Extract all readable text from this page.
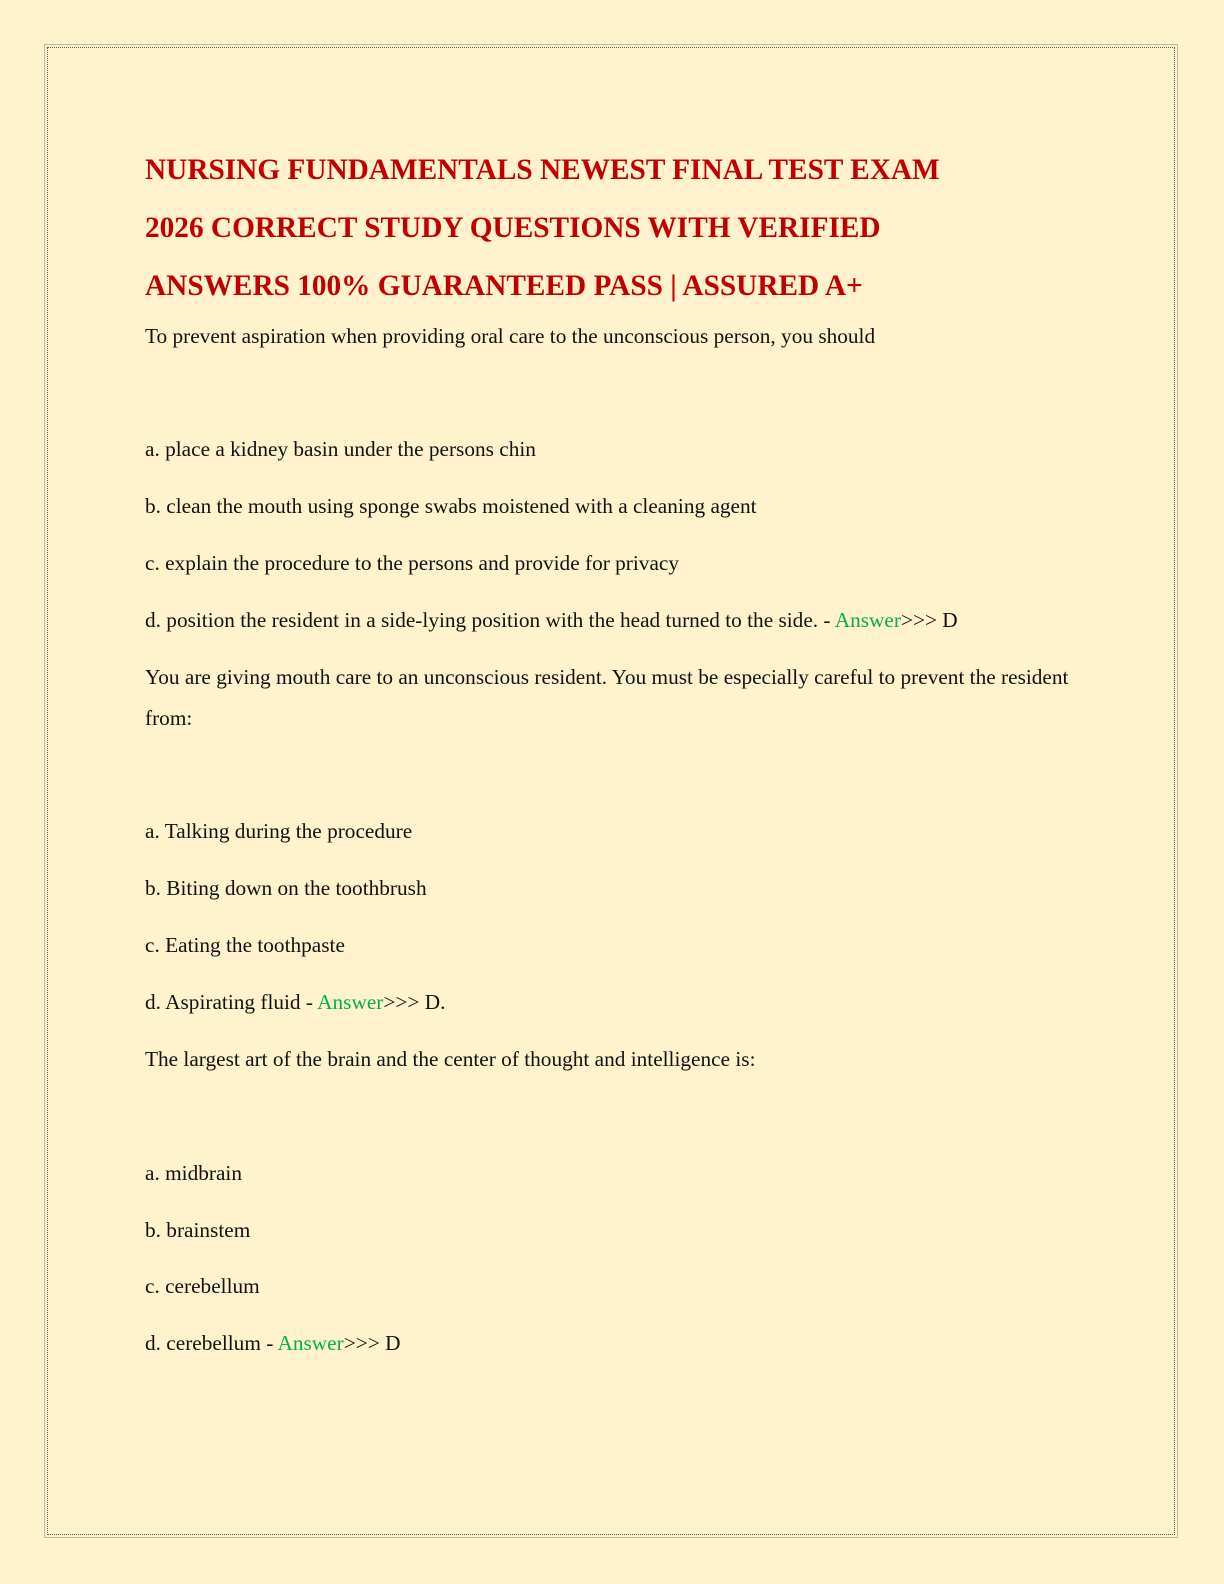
NURSING FUNDAMENTALS NEWEST FINAL TEST EXAM
2026 CORRECT STUDY QUESTIONS WITH VERIFIED
ANSWERS 100% GUARANTEED PASS | ASSURED A+

To prevent aspiration when providing oral care to the unconscious person, you should

a. place a kidney basin under the persons chin

b. clean the mouth using sponge swabs moistened with a cleaning agent

c. explain the procedure to the persons and provide for privacy

d. position the resident in a side-lying position with the head turned to the side. - Answer>>> D

You are giving mouth care to an unconscious resident. You must be especially careful to prevent the resident from:

a. Talking during the procedure

b. Biting down on the toothbrush

c. Eating the toothpaste

d. Aspirating fluid - Answer>>> D.

The largest art of the brain and the center of thought and intelligence is:

a. midbrain

b. brainstem

c. cerebellum

d. cerebellum - Answer>>> D
